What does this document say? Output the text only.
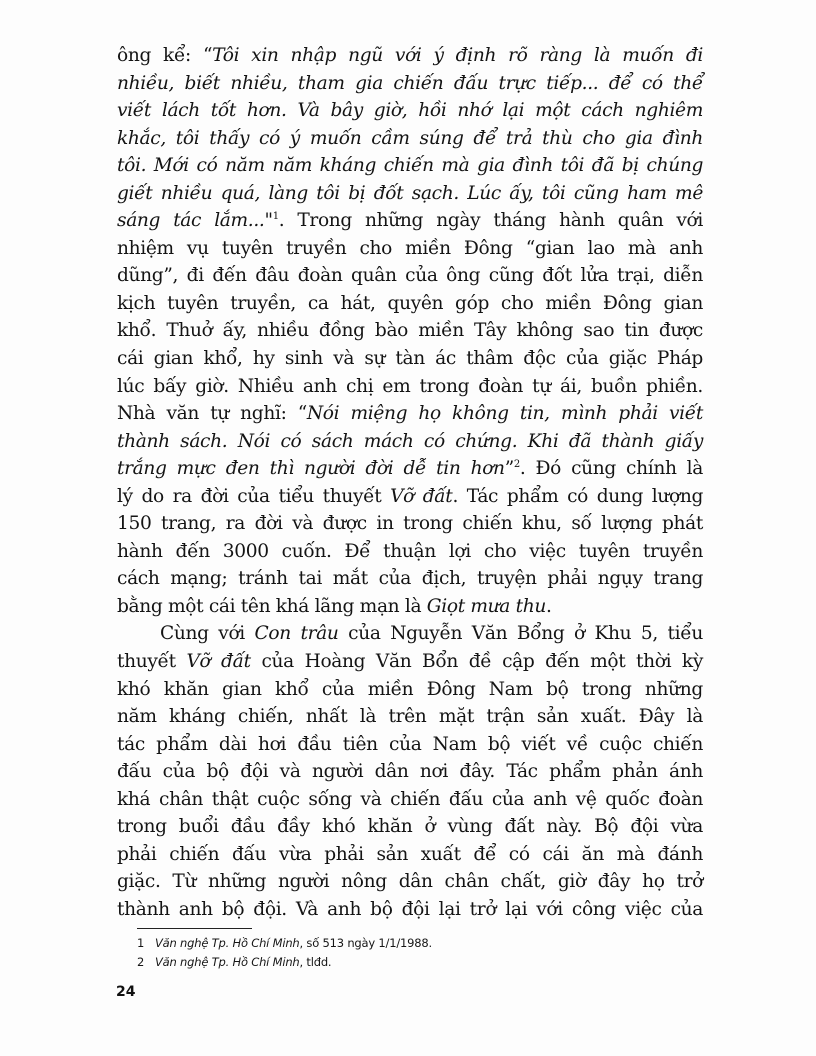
ông kể: “Tôi xin nhập ngũ với ý định rõ ràng là muốn đi
nhiều, biết nhiều, tham gia chiến đấu trực tiếp... để có thể
viết lách tốt hơn. Và bây giờ, hồi nhớ lại một cách nghiêm
khắc, tôi thấy có ý muốn cầm súng để trả thù cho gia đình
tôi. Mới có năm năm kháng chiến mà gia đình tôi đã bị chúng
giết nhiều quá, làng tôi bị đốt sạch. Lúc ấy, tôi cũng ham mê
sáng tác lắm..."$^1$. Trong những ngày tháng hành quân với
nhiệm vụ tuyên truyền cho miền Đông “gian lao mà anh
dũng”, đi đến đâu đoàn quân của ông cũng đốt lửa trại, diễn
kịch tuyên truyền, ca hát, quyên góp cho miền Đông gian
khổ. Thuở ấy, nhiều đồng bào miền Tây không sao tin được
cái gian khổ, hy sinh và sự tàn ác thâm độc của giặc Pháp
lúc bấy giờ. Nhiều anh chị em trong đoàn tự ái, buồn phiền.
Nhà văn tự nghĩ: “Nói miệng họ không tin, mình phải viết
thành sách. Nói có sách mách có chứng. Khi đã thành giấy
trắng mực đen thì người đời dễ tin hơn”$^2$. Đó cũng chính là
lý do ra đời của tiểu thuyết Vỡ đất. Tác phẩm có dung lượng
150 trang, ra đời và được in trong chiến khu, số lượng phát
hành đến 3000 cuốn. Để thuận lợi cho việc tuyên truyền
cách mạng; tránh tai mắt của địch, truyện phải ngụy trang
bằng một cái tên khá lãng mạn là Giọt mưa thu.
Cùng với Con trâu của Nguyễn Văn Bổng ở Khu 5, tiểu
thuyết Vỡ đất của Hoàng Văn Bổn đề cập đến một thời kỳ
khó khăn gian khổ của miền Đông Nam bộ trong những
năm kháng chiến, nhất là trên mặt trận sản xuất. Đây là
tác phẩm dài hơi đầu tiên của Nam bộ viết về cuộc chiến
đấu của bộ đội và người dân nơi đây. Tác phẩm phản ánh
khá chân thật cuộc sống và chiến đấu của anh vệ quốc đoàn
trong buổi đầu đầy khó khăn ở vùng đất này. Bộ đội vừa
phải chiến đấu vừa phải sản xuất để có cái ăn mà đánh
giặc. Từ những người nông dân chân chất, giờ đây họ trở
thành anh bộ đội. Và anh bộ đội lại trở lại với công việc của
1 Văn nghệ Tp. Hồ Chí Minh, số 513 ngày 1/1/1988.
2 Văn nghệ Tp. Hồ Chí Minh, tlđd.
24
